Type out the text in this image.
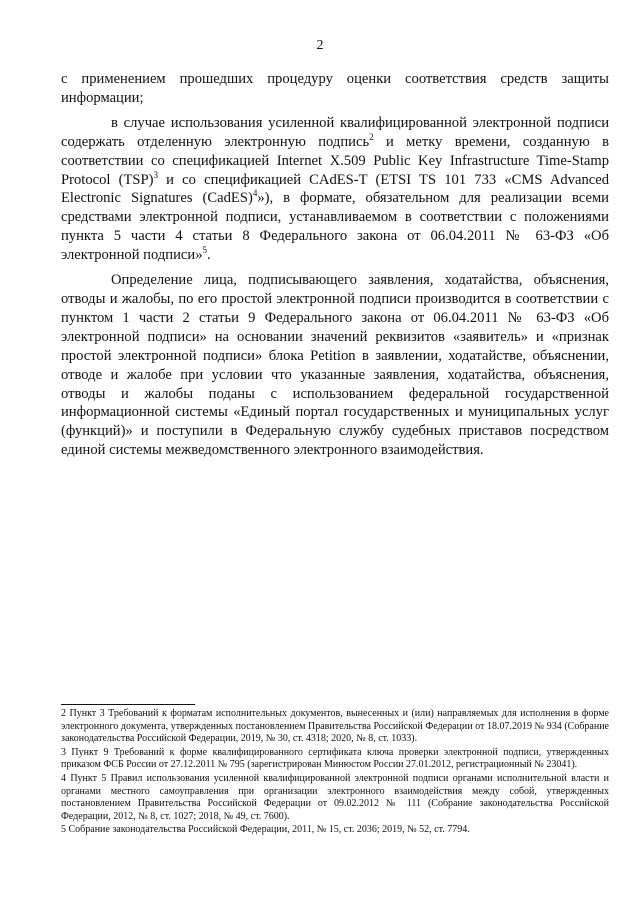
2

с применением прошедших процедуру оценки соответствия средств защиты информации;

в случае использования усиленной квалифицированной электронной подписи содержать отделенную электронную подпись$^2$ и метку времени, созданную в соответствии со спецификацией Internet X.509 Public Key Infrastructure Time-Stamp Protocol (TSP)$^3$ и со спецификацией CAdES-T (ETSI TS 101 733 «CMS Advanced Electronic Signatures (CadES)$^4$»), в формате, обязательном для реализации всеми средствами электронной подписи, устанавливаемом в соответствии с положениями пункта 5 части 4 статьи 8 Федерального закона от 06.04.2011 № 63-ФЗ «Об электронной подписи»$^5$.

Определение лица, подписывающего заявления, ходатайства, объяснения, отводы и жалобы, по его простой электронной подписи производится в соответствии с пунктом 1 части 2 статьи 9 Федерального закона от 06.04.2011 № 63-ФЗ «Об электронной подписи» на основании значений реквизитов «заявитель» и «признак простой электронной подписи» блока Petition в заявлении, ходатайстве, объяснении, отводе и жалобе при условии что указанные заявления, ходатайства, объяснения, отводы и жалобы поданы с использованием федеральной государственной информационной системы «Единый портал государственных и муниципальных услуг (функций)» и поступили в Федеральную службу судебных приставов посредством единой системы межведомственного электронного взаимодействия.

2 Пункт 3 Требований к форматам исполнительных документов, вынесенных и (или) направляемых для исполнения в форме электронного документа, утвержденных постановлением Правительства Российской Федерации от 18.07.2019 № 934 (Собрание законодательства Российской Федерации, 2019, № 30, ст. 4318; 2020, № 8, ст. 1033).

3 Пункт 9 Требований к форме квалифицированного сертификата ключа проверки электронной подписи, утвержденных приказом ФСБ России от 27.12.2011 № 795 (зарегистрирован Минюстом России 27.01.2012, регистрационный № 23041).

4 Пункт 5 Правил использования усиленной квалифицированной электронной подписи органами исполнительной власти и органами местного самоуправления при организации электронного взаимодействия между собой, утвержденных постановлением Правительства Российской Федерации от 09.02.2012 № 111 (Собрание законодательства Российской Федерации, 2012, № 8, ст. 1027; 2018, № 49, ст. 7600).

5 Собрание законодательства Российской Федерации, 2011, № 15, ст. 2036; 2019, № 52, ст. 7794.
